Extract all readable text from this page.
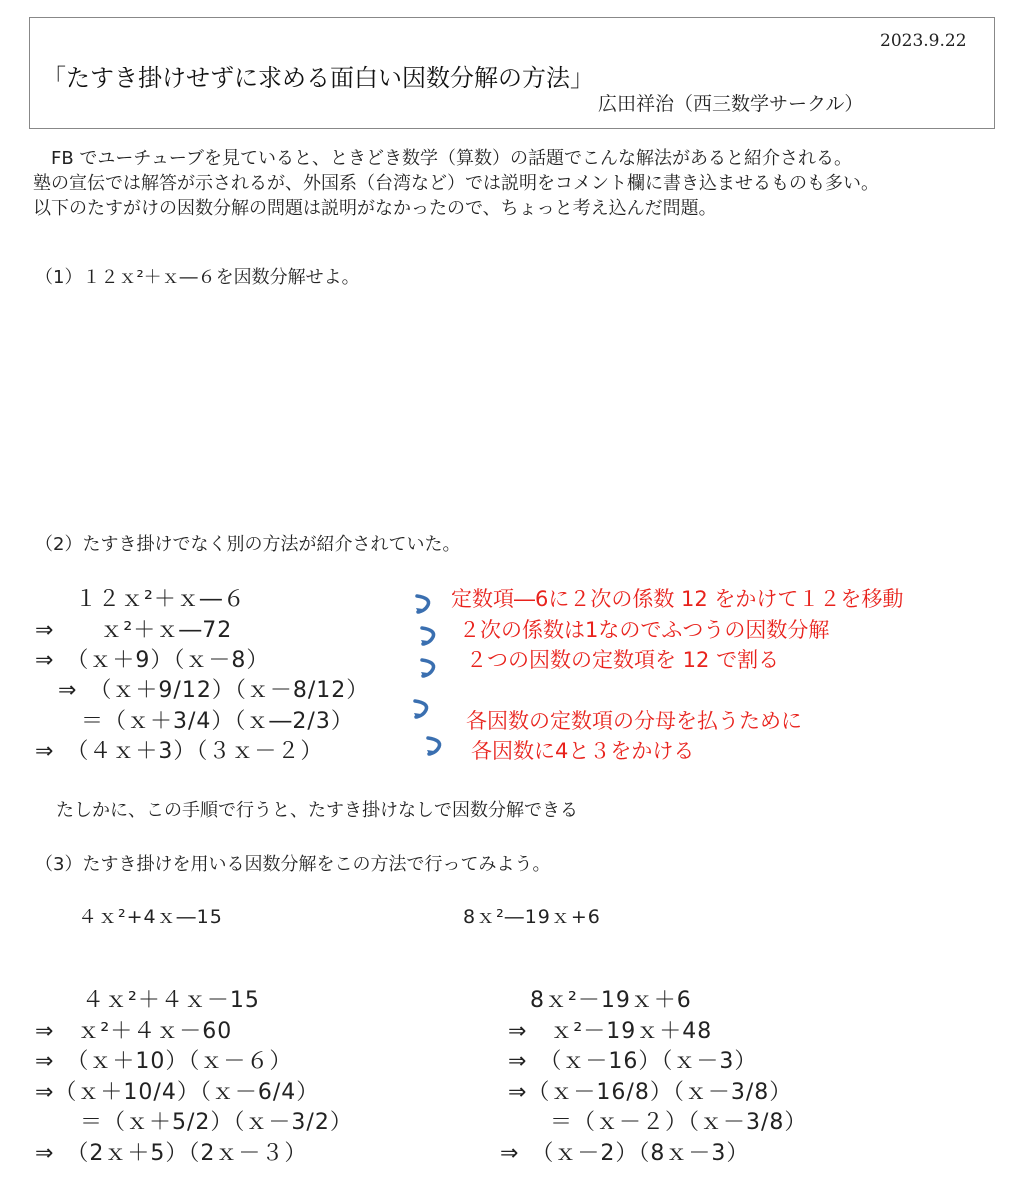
2023.9.22
「たすき掛けせずに求める面白い因数分解の方法」
広田祥治（西三数学サークル）
　FB でユーチューブを見ていると、ときどき数学（算数）の話題でこんな解法があると紹介される。
塾の宣伝では解答が示されるが、外国系（台湾など）では説明をコメント欄に書き込ませるものも多い。
以下のたすがけの因数分解の問題は説明がなかったので、ちょっと考え込んだ問題。
（1）１２ｘ²＋ｘ―６を因数分解せよ。
（2）たすき掛けでなく別の方法が紹介されていた。
　１２ｘ²＋ｘ―６
⇒　　ｘ²＋ｘ―72
⇒　（ｘ＋9）（ｘ－8）
　⇒　（ｘ＋9/12）（ｘ－8/12）
　＝（ｘ＋3/4）（ｘ―2/3）
⇒　（４ｘ＋3）（３ｘ－２）
定数項―6に２次の係数 12 をかけて１２を移動
２次の係数は1なのでふつうの因数分解
２つの因数の定数項を 12 で割る
各因数の定数項の分母を払うために
各因数に4と３をかける
たしかに、この手順で行うと、たすき掛けなしで因数分解できる
（3）たすき掛けを用いる因数分解をこの方法で行ってみよう。
４ｘ²+4ｘ―15	8ｘ²―19ｘ+6
４ｘ²＋４ｘ－15
⇒　ｘ²＋４ｘ－60
⇒　（ｘ＋10）（ｘ－６）
⇒（ｘ＋10/4）（ｘ－6/4）
＝（ｘ＋5/2）（ｘ－3/2）
⇒　（2ｘ＋5）（2ｘ－３）
8ｘ²－19ｘ＋6
⇒　ｘ²－19ｘ＋48
⇒　（ｘ－16）（ｘ－3）
⇒（ｘ－16/8）（ｘ－3/8）
＝（ｘ－２）（ｘ－3/8）
⇒　（ｘ－2）（8ｘ－3）
